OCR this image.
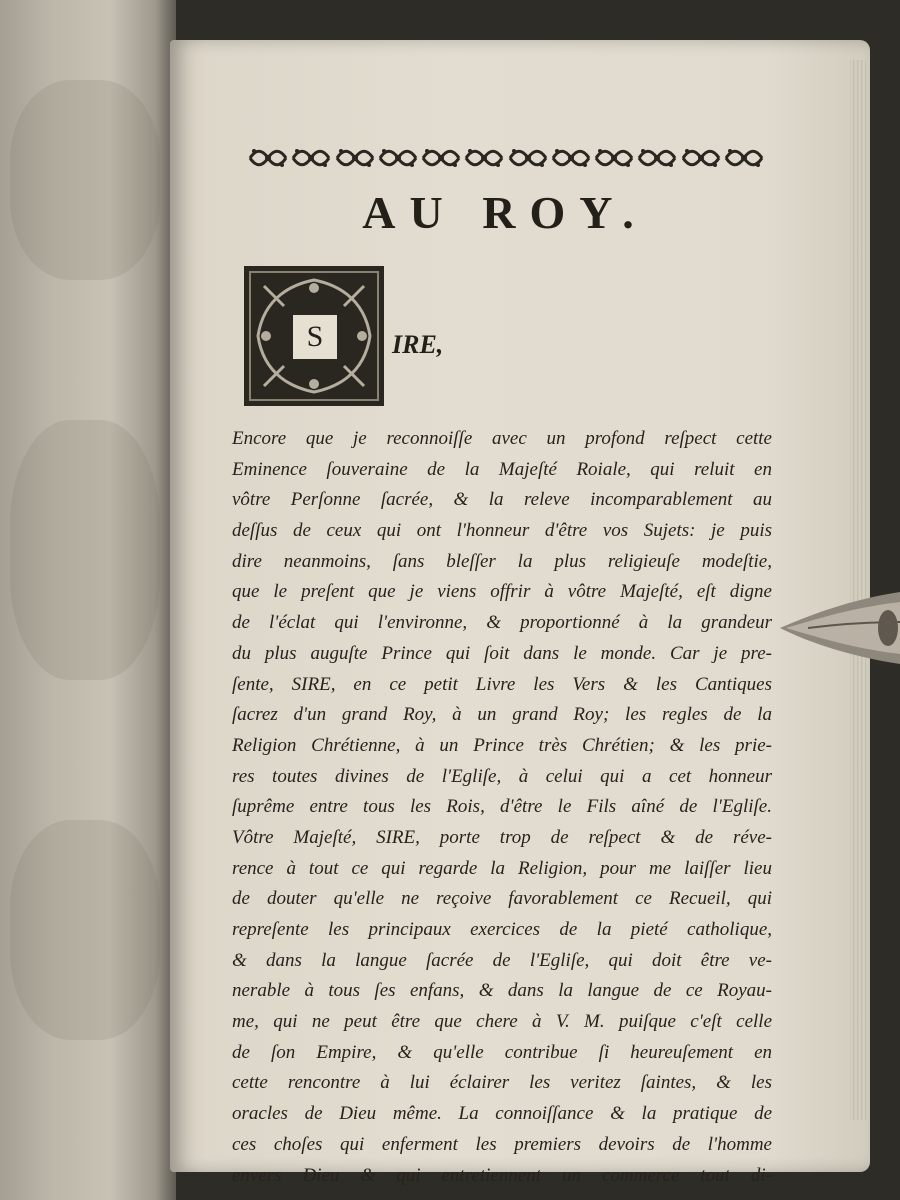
AU ROY.
S	IRE,
Encore que je reconnoiſſe avec un profond reſpect cette
Eminence ſouveraine de la Majeſté Roiale, qui reluit en
vôtre Perſonne ſacrée, & la releve incomparablement au
deſſus de ceux qui ont l'honneur d'être vos Sujets: je puis
dire neanmoins, ſans bleſſer la plus religieuſe modeſtie,
que le preſent que je viens offrir à vôtre Majeſté, eſt digne
de l'éclat qui l'environne, & proportionné à la grandeur
du plus auguſte Prince qui ſoit dans le monde. Car je pre-
ſente, SIRE, en ce petit Livre les Vers & les Cantiques
ſacrez d'un grand Roy, à un grand Roy; les regles de la
Religion Chrétienne, à un Prince très Chrétien; & les prie-
res toutes divines de l'Egliſe, à celui qui a cet honneur
ſuprême entre tous les Rois, d'être le Fils aîné de l'Egliſe.
Vôtre Majeſté, SIRE, porte trop de reſpect & de réve-
rence à tout ce qui regarde la Religion, pour me laiſſer lieu
de douter qu'elle ne reçoive favorablement ce Recueil, qui
repreſente les principaux exercices de la pieté catholique,
& dans la langue ſacrée de l'Egliſe, qui doit être ve-
nerable à tous ſes enfans, & dans la langue de ce Royau-
me, qui ne peut être que chere à V. M. puiſque c'eſt celle
de ſon Empire, & qu'elle contribue ſi heureuſement en
cette rencontre à lui éclairer les veritez ſaintes, & les
oracles de Dieu même. La connoiſſance & la pratique de
ces choſes qui enferment les premiers devoirs de l'homme
envers Dieu & qui entretiennent un commerce tout di-
